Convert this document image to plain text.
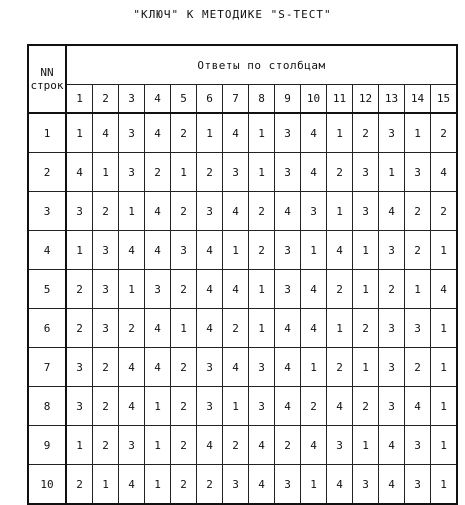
"КЛЮЧ" К МЕТОДИКЕ "S-ТЕСТ"
NN
строк	Ответы по столбцам														
	1	2	3	4	5	6	7	8	9	10	11	12	13	14	15
1	1	4	3	4	2	1	4	1	3	4	1	2	3	1	2
2	4	1	3	2	1	2	3	1	3	4	2	3	1	3	4
3	3	2	1	4	2	3	4	2	4	3	1	3	4	2	2
4	1	3	4	4	3	4	1	2	3	1	4	1	3	2	1
5	2	3	1	3	2	4	4	1	3	4	2	1	2	1	4
6	2	3	2	4	1	4	2	1	4	4	1	2	3	3	1
7	3	2	4	4	2	3	4	3	4	1	2	1	3	2	1
8	3	2	4	1	2	3	1	3	4	2	4	2	3	4	1
9	1	2	3	1	2	4	2	4	2	4	3	1	4	3	1
10	2	1	4	1	2	2	3	4	3	1	4	3	4	3	1
